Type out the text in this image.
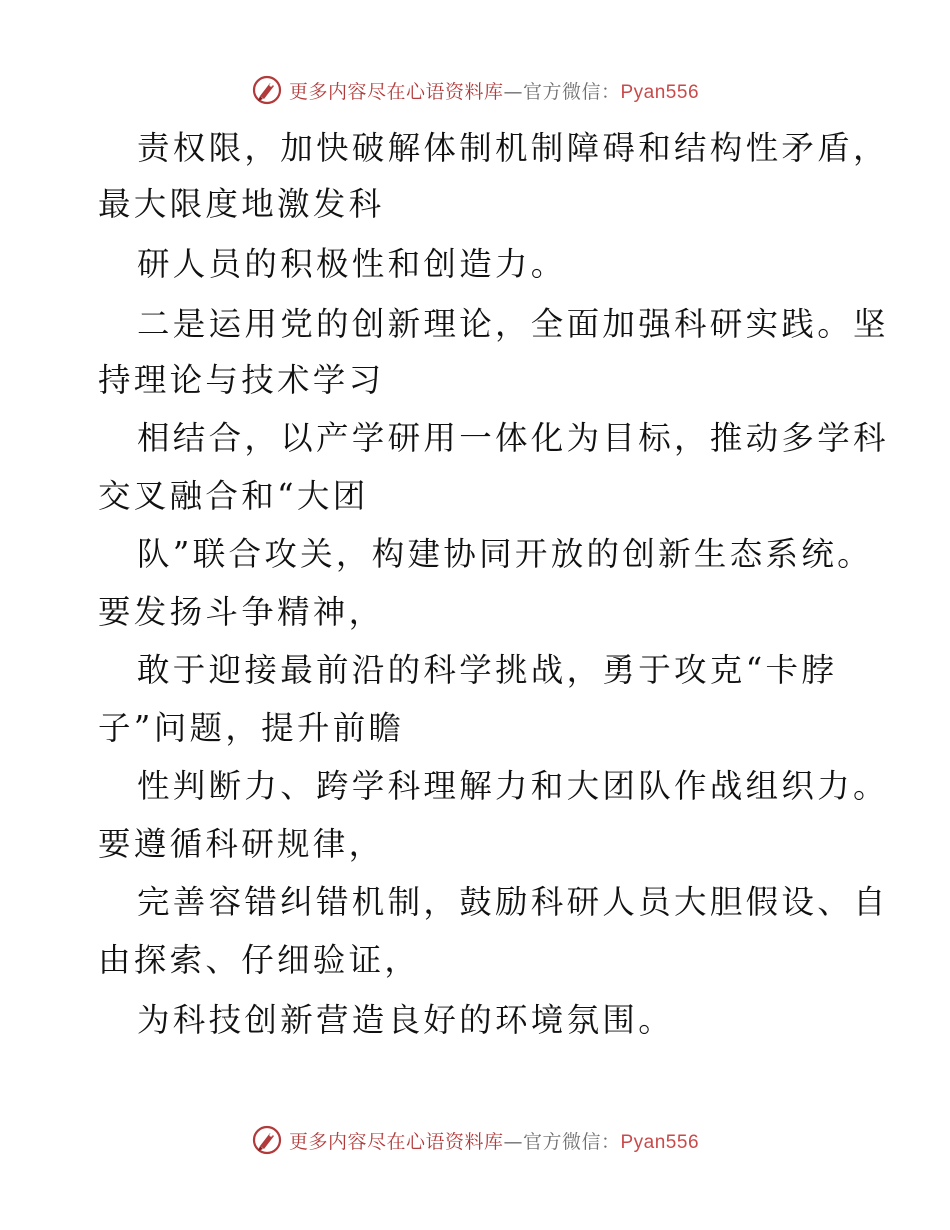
更多内容尽在心语资料库—官方微信：Pyan556
责权限，加快破解体制机制障碍和结构性矛盾，
最大限度地激发科
研人员的积极性和创造力。
二是运用党的创新理论，全面加强科研实践。坚
持理论与技术学习
相结合，以产学研用一体化为目标，推动多学科
交叉融合和“大团
队”联合攻关，构建协同开放的创新生态系统。
要发扬斗争精神，
敢于迎接最前沿的科学挑战，勇于攻克“卡脖
子”问题，提升前瞻
性判断力、跨学科理解力和大团队作战组织力。
要遵循科研规律，
完善容错纠错机制，鼓励科研人员大胆假设、自
由探索、仔细验证，
为科技创新营造良好的环境氛围。
更多内容尽在心语资料库—官方微信：Pyan556
